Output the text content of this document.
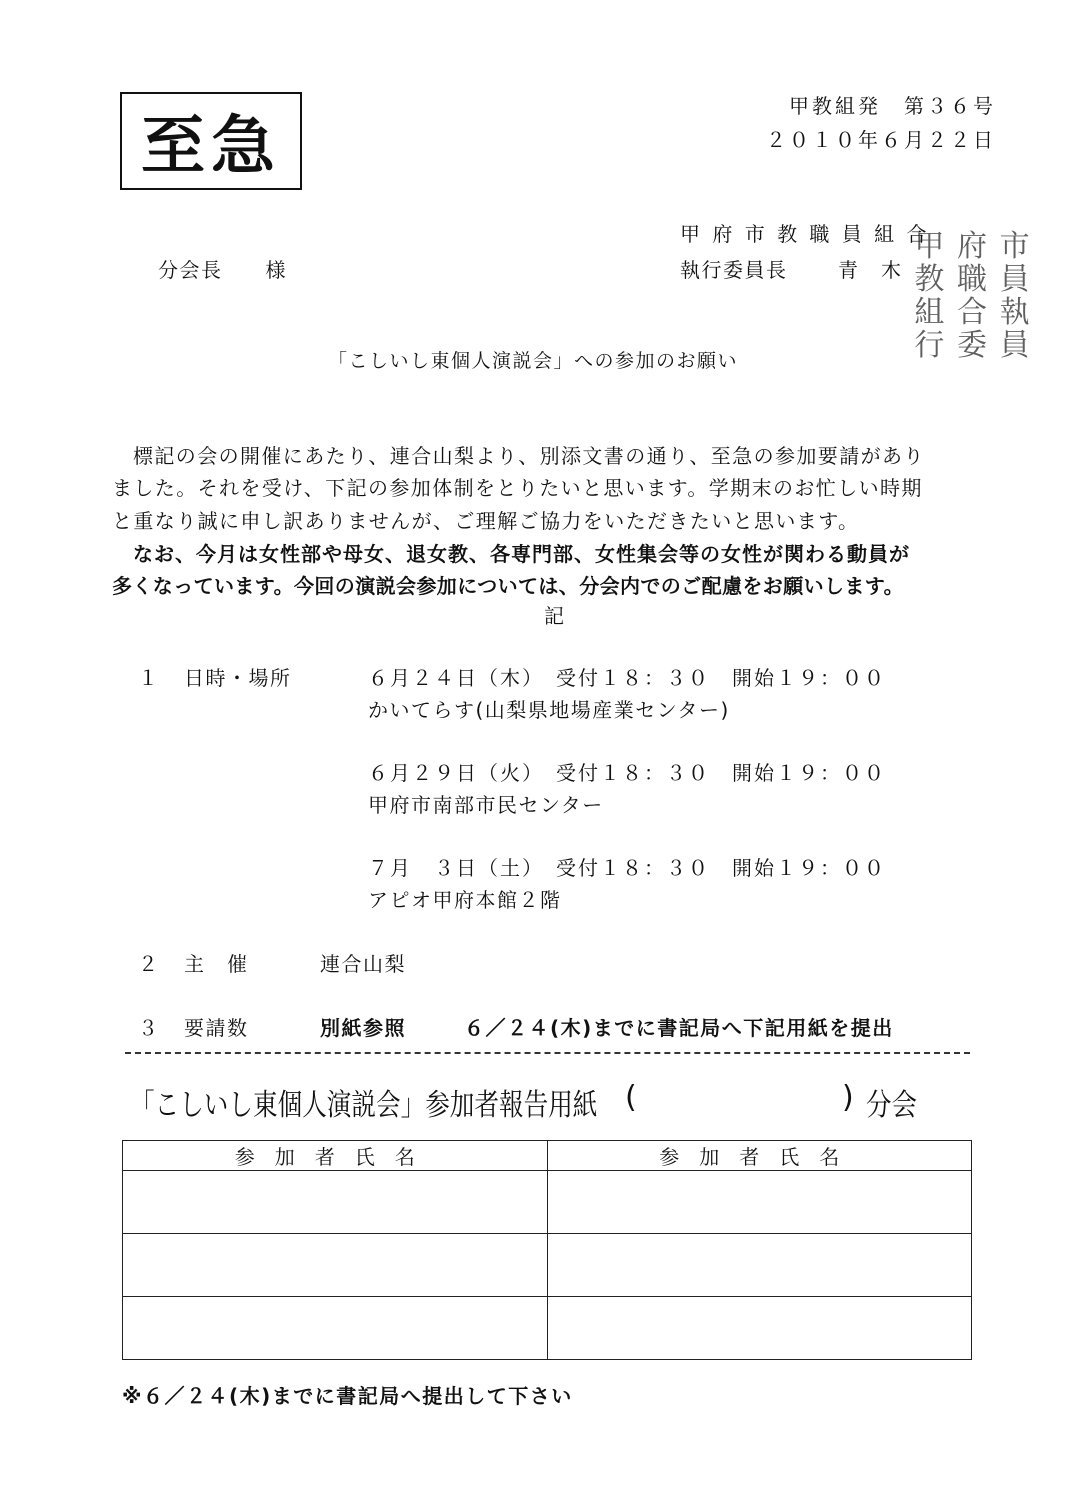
至急
甲教組発　第３６号
２０１０年６月２２日
分会長　　様
甲 府 市 教 職 員 組 合
執行委員長	青　木
甲 府 市
教 職 員
組 合 執
行 委 員
「こしいし東個人演説会」への参加のお願い
標記の会の開催にあたり、連合山梨より、別添文書の通り、至急の参加要請があり
ました。それを受け、下記の参加体制をとりたいと思います。学期末のお忙しい時期
と重なり誠に申し訳ありませんが、ご理解ご協力をいただきたいと思います。
なお、今月は女性部や母女、退女教、各専門部、女性集会等の女性が関わる動員が
多くなっています。今回の演説会参加については、分会内でのご配慮をお願いします。
記
１ 日時・場所	６月２４日（木）　受付１８：３０　開始１９：００
かいてらす(山梨県地場産業センター)
６月２９日（火）　受付１８：３０　開始１９：００
甲府市南部市民センター
７月　３日（土）　受付１８：３０　開始１９：００
アピオ甲府本館２階
２ 主　催	連合山梨
３ 要請数	別紙参照	６／２４(木)までに書記局へ下記用紙を提出
「こしいし東個人演説会」参加者報告用紙 (	) 分会
参加者氏名	参加者氏名

※６／２４(木)までに書記局へ提出して下さい
